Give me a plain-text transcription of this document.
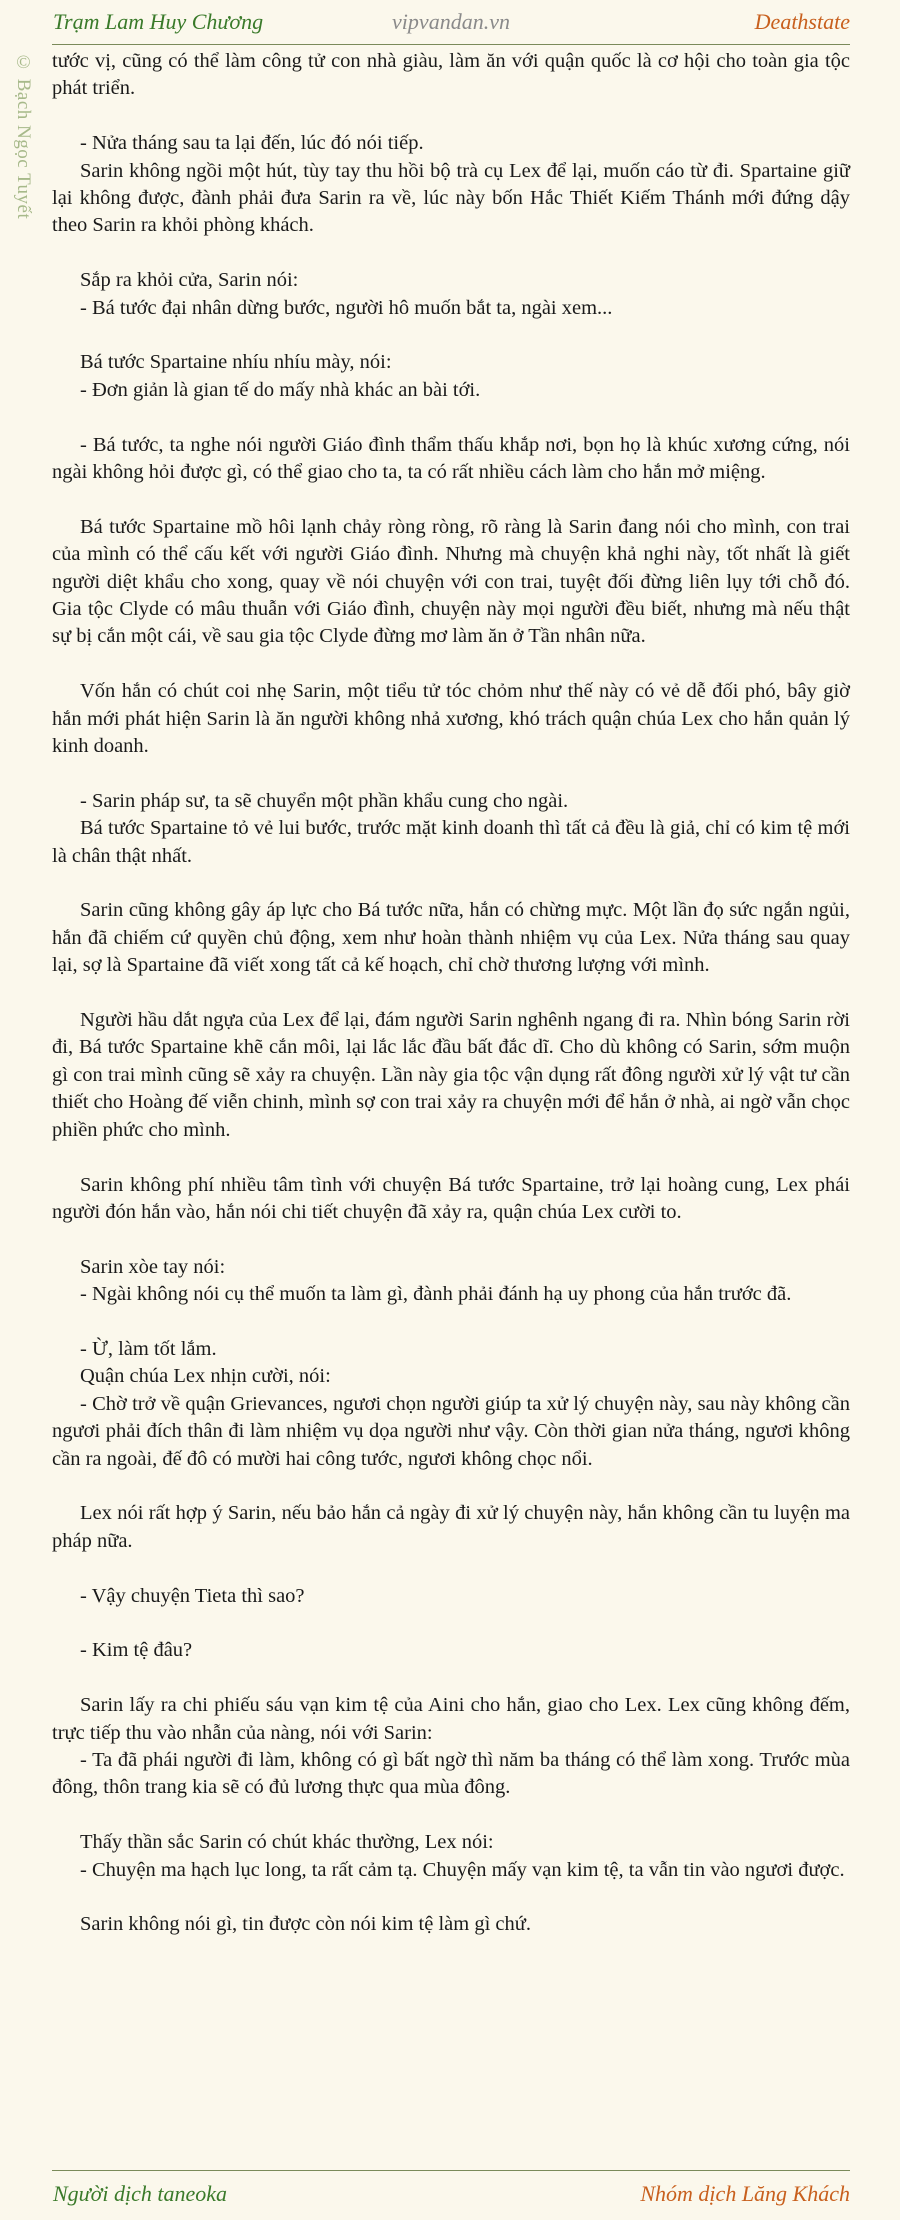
Trạm Lam Huy Chương	vipvandan.vn	Deathstate
© Bạch Ngọc Tuyết tước vị, cũng có thể làm công tử con nhà giàu, làm ăn với quận quốc là cơ hội cho toàn gia tộc phát triển.

- Nửa tháng sau ta lại đến, lúc đó nói tiếp.

Sarin không ngồi một hút, tùy tay thu hồi bộ trà cụ Lex để lại, muốn cáo từ đi. Spartaine giữ lại không được, đành phải đưa Sarin ra về, lúc này bốn Hắc Thiết Kiếm Thánh mới đứng dậy theo Sarin ra khỏi phòng khách.

Sắp ra khỏi cửa, Sarin nói:

- Bá tước đại nhân dừng bước, người hô muốn bắt ta, ngài xem...

Bá tước Spartaine nhíu nhíu mày, nói:

- Đơn giản là gian tế do mấy nhà khác an bài tới.

- Bá tước, ta nghe nói người Giáo đình thẩm thấu khắp nơi, bọn họ là khúc xương cứng, nói ngài không hỏi được gì, có thể giao cho ta, ta có rất nhiều cách làm cho hắn mở miệng.

Bá tước Spartaine mồ hôi lạnh chảy ròng ròng, rõ ràng là Sarin đang nói cho mình, con trai của mình có thể cấu kết với người Giáo đình. Nhưng mà chuyện khả nghi này, tốt nhất là giết người diệt khẩu cho xong, quay về nói chuyện với con trai, tuyệt đối đừng liên lụy tới chỗ đó. Gia tộc Clyde có mâu thuẫn với Giáo đình, chuyện này mọi người đều biết, nhưng mà nếu thật sự bị cắn một cái, về sau gia tộc Clyde đừng mơ làm ăn ở Tần nhân nữa.

Vốn hắn có chút coi nhẹ Sarin, một tiểu tử tóc chỏm như thế này có vẻ dễ đối phó, bây giờ hắn mới phát hiện Sarin là ăn người không nhả xương, khó trách quận chúa Lex cho hắn quản lý kinh doanh.

- Sarin pháp sư, ta sẽ chuyển một phần khẩu cung cho ngài.

Bá tước Spartaine tỏ vẻ lui bước, trước mặt kinh doanh thì tất cả đều là giả, chỉ có kim tệ mới là chân thật nhất.

Sarin cũng không gây áp lực cho Bá tước nữa, hắn có chừng mực. Một lần đọ sức ngắn ngủi, hắn đã chiếm cứ quyền chủ động, xem như hoàn thành nhiệm vụ của Lex. Nửa tháng sau quay lại, sợ là Spartaine đã viết xong tất cả kế hoạch, chỉ chờ thương lượng với mình.

Người hầu dắt ngựa của Lex để lại, đám người Sarin nghênh ngang đi ra. Nhìn bóng Sarin rời đi, Bá tước Spartaine khẽ cắn môi, lại lắc lắc đầu bất đắc dĩ. Cho dù không có Sarin, sớm muộn gì con trai mình cũng sẽ xảy ra chuyện. Lần này gia tộc vận dụng rất đông người xử lý vật tư cần thiết cho Hoàng đế viễn chinh, mình sợ con trai xảy ra chuyện mới để hắn ở nhà, ai ngờ vẫn chọc phiền phức cho mình.

Sarin không phí nhiều tâm tình với chuyện Bá tước Spartaine, trở lại hoàng cung, Lex phái người đón hắn vào, hắn nói chi tiết chuyện đã xảy ra, quận chúa Lex cười to.

Sarin xòe tay nói:

- Ngài không nói cụ thể muốn ta làm gì, đành phải đánh hạ uy phong của hắn trước đã.

- Ừ, làm tốt lắm.

Quận chúa Lex nhịn cười, nói:

- Chờ trở về quận Grievances, ngươi chọn người giúp ta xử lý chuyện này, sau này không cần ngươi phải đích thân đi làm nhiệm vụ dọa người như vậy. Còn thời gian nửa tháng, ngươi không cần ra ngoài, đế đô có mười hai công tước, ngươi không chọc nổi.

Lex nói rất hợp ý Sarin, nếu bảo hắn cả ngày đi xử lý chuyện này, hắn không cần tu luyện ma pháp nữa.

- Vậy chuyện Tieta thì sao?

- Kim tệ đâu?

Sarin lấy ra chi phiếu sáu vạn kim tệ của Aini cho hắn, giao cho Lex. Lex cũng không đếm, trực tiếp thu vào nhẫn của nàng, nói với Sarin:

- Ta đã phái người đi làm, không có gì bất ngờ thì năm ba tháng có thể làm xong. Trước mùa đông, thôn trang kia sẽ có đủ lương thực qua mùa đông.

Thấy thần sắc Sarin có chút khác thường, Lex nói:

- Chuyện ma hạch lục long, ta rất cảm tạ. Chuyện mấy vạn kim tệ, ta vẫn tin vào ngươi được.

Sarin không nói gì, tin được còn nói kim tệ làm gì chứ.

Người dịch taneoka	Nhóm dịch Lăng Khách
